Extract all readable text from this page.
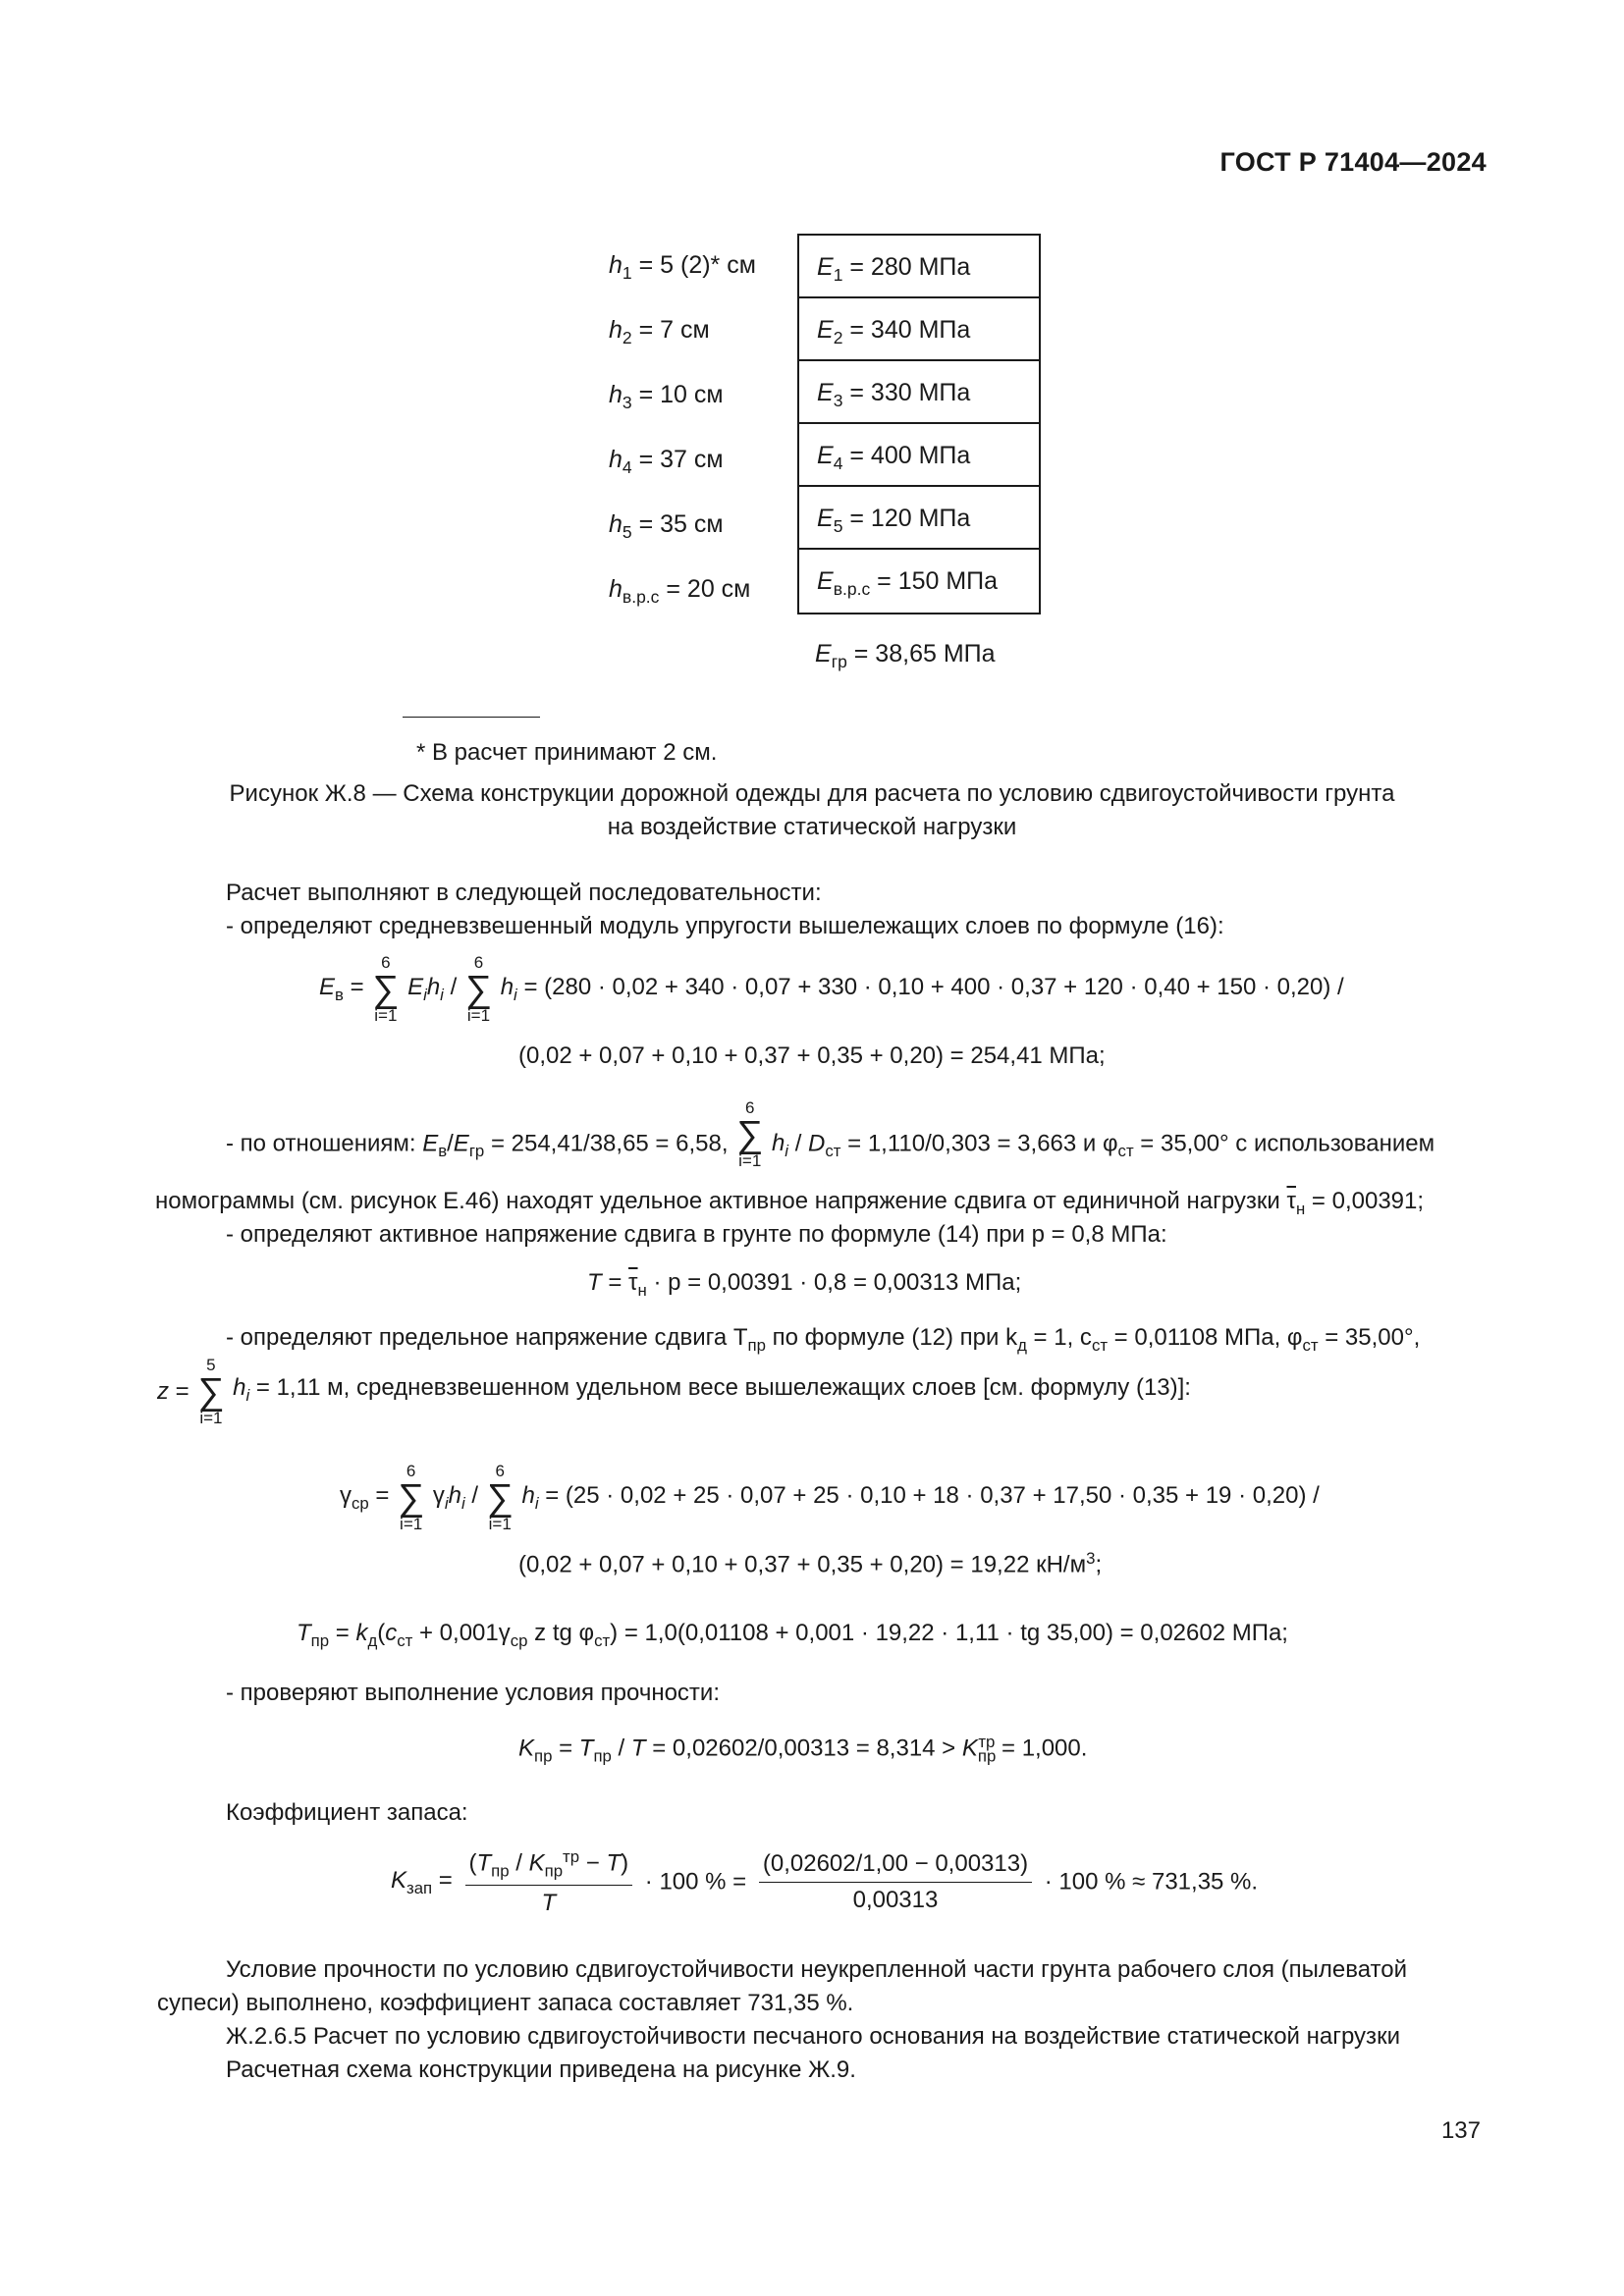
ГОСТ Р 71404—2024
$h_1 = 5$ (2)* см
$h_2 = 7$ см
$h_3 = 10$ см
$h_4 = 37$ см
$h_5 = 35$ см
$h_{в.р.с} = 20$ см
$E_1 = 280$ МПа
$E_2 = 340$ МПа
$E_3 = 330$ МПа
$E_4 = 400$ МПа
$E_5 = 120$ МПа
$E_{в.р.с} = 150$ МПа
$E_{гр} = 38,65$ МПа
* В расчет принимают 2 см.
Рисунок Ж.8 — Схема конструкции дорожной одежды для расчета по условию сдвигоустойчивости грунта
на воздействие статической нагрузки
Расчет выполняют в следующей последовательности:
- определяют средневзвешенный модуль упругости вышележащих слоев по формуле (16):
$E_в$ =
6
∑
i=1
$E_ih_i$ /
6
∑
i=1
$h_i = (280 \cdot 0,02 + 340 \cdot 0,07 + 330 \cdot 0,10 + 400 \cdot 0,37 + 120 \cdot 0,40 + 150 \cdot 0,20)$ /
(0,02 + 0,07 + 0,10 + 0,37 + 0,35 + 0,20) = 254,41 МПа;
- по отношениям: $E_в/E_{гр} = 254,41/38,65 = 6,58$,
6
∑
i=1
$h_i / D_{ст} = 1,110/0,303 = 3,663$ и $\varphi_{ст} = 35,00^\circ$ с использованием
номограммы (см. рисунок Е.46) находят удельное активное напряжение сдвига от единичной нагрузки $\overline{\tau}_н = 0,00391$;
- определяют активное напряжение сдвига в грунте по формуле (14) при p = 0,8 МПа:
$T = \overline{\tau}_н \cdot p = 0,00391 \cdot 0,8 = 0,00313$ МПа;
- определяют предельное напряжение сдвига $T_{пр}$ по формуле (12) при $k_д = 1$, $c_{ст} = 0,01108$ МПа, $\varphi_{ст} = 35,00^\circ$,
z =
5
∑
i=1
$h_i = 1,11$ м, средневзвешенном удельном весе вышележащих слоев [см. формулу (13)]:
$\gamma_{ср}$ =
6
∑
i=1
$\gamma_ih_i$ /
6
∑
i=1
$h_i = (25 \cdot 0,02 + 25 \cdot 0,07 + 25 \cdot 0,10 + 18 \cdot 0,37 + 17,50 \cdot 0,35 + 19 \cdot 0,20)$ /
(0,02 + 0,07 + 0,10 + 0,37 + 0,35 + 0,20) = 19,22 $кН/м^3$;
$T_{пр} = k_д(c_{ст} + 0,001\gamma_{ср}$ z tg $\varphi_{ст}) = 1,0(0,01108 + 0,001 \cdot 19,22 \cdot 1,11$ · tg 35,00) = 0,02602 МПа;
- проверяют выполнение условия прочности:
$K_{пр} = T_{пр} / T = 0,02602/0,00313 = 8,314 > K_{пр}^{тр} = 1,000$.
Коэффициент запаса:
$K_{зап} = \frac{(T_{пр} / K_{пр}^{тр} - T)}{T} \cdot 100$ % = $\frac{(0,02602/1,00 - 0,00313)}{0,00313} \cdot 100$ % ≈ 731,35 %.
Условие прочности по условию сдвигоустойчивости неукрепленной части грунта рабочего слоя (пылеватой
супеси) выполнено, коэффициент запаса составляет 731,35 %.
Ж.2.6.5 Расчет по условию сдвигоустойчивости песчаного основания на воздействие статической нагрузки
Расчетная схема конструкции приведена на рисунке Ж.9.
137
